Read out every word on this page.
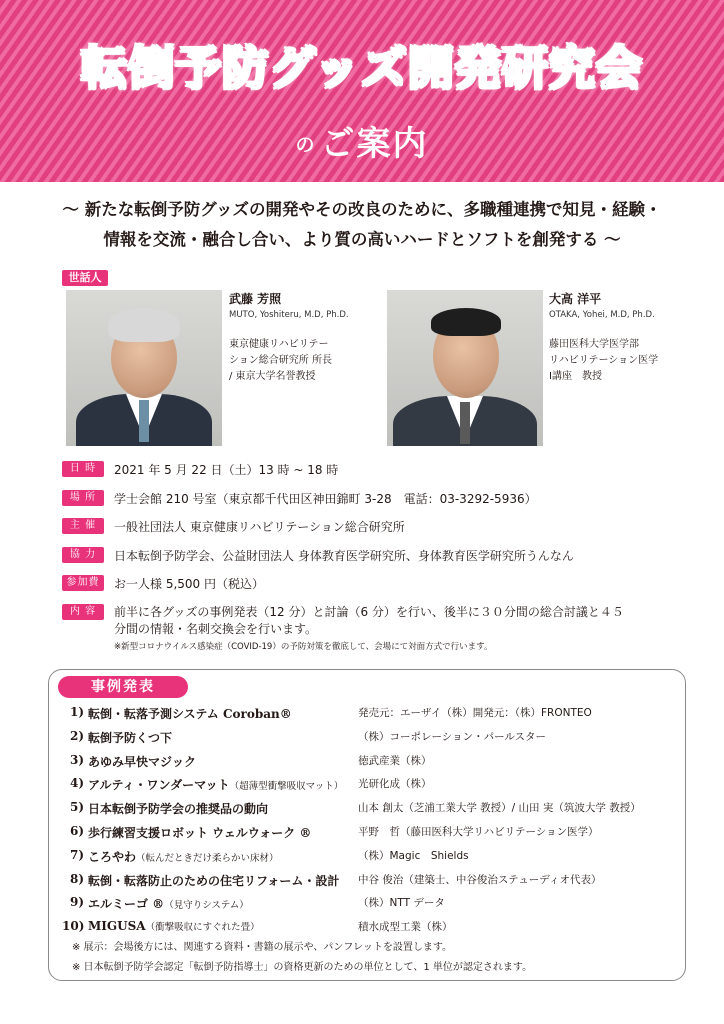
転倒予防グッズ開発研究会
の ご案内
〜 新たな転倒予防グッズの開発やその改良のために、多職種連携で知見・経験・
情報を交流・融合し合い、より質の高いハードとソフトを創発する 〜
世話人
武藤 芳照
MUTO, Yoshiteru, M.D, Ph.D.
東京健康リハビリテー
ション総合研究所 所長
/ 東京大学名誉教授
大高 洋平
OTAKA, Yohei, M.D, Ph.D.
藤田医科大学医学部
リハビリテーション医学
Ⅰ講座　教授
日 時	2021 年 5 月 22 日（土）13 時 ~ 18 時
場 所	学士会館 210 号室（東京都千代田区神田錦町 3-28　電話：03-3292-5936）
主 催	一般社団法人 東京健康リハビリテーション総合研究所
協 力	日本転倒予防学会、公益財団法人 身体教育医学研究所、身体教育医学研究所うんなん
参加費	お一人様 5,500 円（税込）
内 容	前半に各グッズの事例発表（12 分）と討論（6 分）を行い、後半に３０分間の総合討議と４５
分間の情報・名刺交換会を行います。
※新型コロナウイルス感染症（COVID-19）の予防対策を徹底して、会場にて対面方式で行います。
事例発表
1) 転倒・転落予測システム Coroban®	発売元：エーザイ（株）開発元：（株）FRONTEO
2) 転倒予防くつ下	（株）コーポレーション・パールスター
3) あゆみ早快マジック	徳武産業（株）
4) アルティ・ワンダーマット（超薄型衝撃吸収マット） 光研化成（株）
5) 日本転倒予防学会の推奨品の動向	山本 創太（芝浦工業大学 教授）/ 山田 実（筑波大学 教授）
6) 歩行練習支援ロボット ウェルウォーク ®	平野　哲（藤田医科大学リハビリテーション医学）
7) ころやわ（転んだときだけ柔らかい床材）	（株）Magic　Shields
8) 転倒・転落防止のための住宅リフォーム・設計 中谷 俊治（建築士、中谷俊治ステューディオ代表）
9) エルミーゴ ®（見守りシステム）	（株）NTT データ
10) MIGUSA（衝撃吸収にすぐれた畳）	積水成型工業（株）
※ 展示：会場後方には、関連する資料・書籍の展示や、パンフレットを設置します。
※ 日本転倒予防学会認定「転倒予防指導士」の資格更新のための単位として、1 単位が認定されます。
